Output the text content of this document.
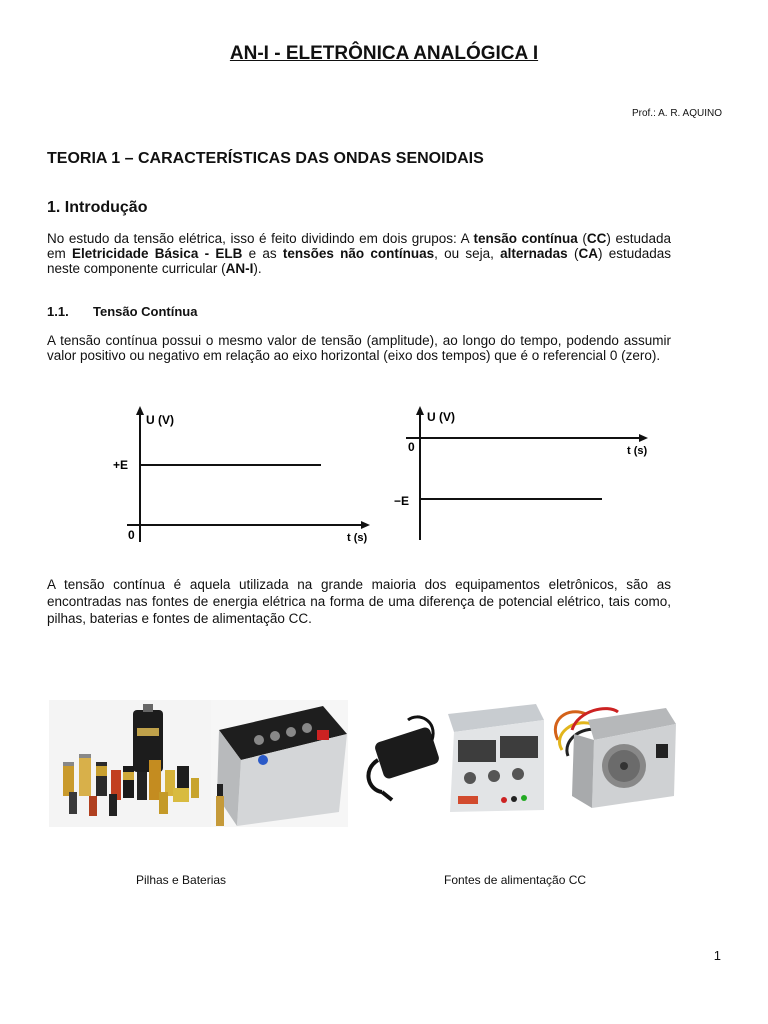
AN-I - ELETRÔNICA ANALÓGICA I
Prof.: A. R. AQUINO
TEORIA 1 – CARACTERÍSTICAS DAS ONDAS SENOIDAIS
1. Introdução
No estudo da tensão elétrica, isso é feito dividindo em dois grupos: A tensão contínua (CC) estudada em Eletricidade Básica - ELB e as tensões não contínuas, ou seja, alternadas (CA) estudadas neste componente curricular (AN-I).
1.1. Tensão Contínua
A tensão contínua possui o mesmo valor de tensão (amplitude), ao longo do tempo, podendo assumir valor positivo ou negativo em relação ao eixo horizontal (eixo dos tempos) que é o referencial 0 (zero).
U (V)
+E
0	t (s)
U (V)
0	t (s)
−E
A tensão contínua é aquela utilizada na grande maioria dos equipamentos eletrônicos, são as encontradas nas fontes de energia elétrica na forma de uma diferença de potencial elétrico, tais como, pilhas, baterias e fontes de alimentação CC.
Pilhas e Baterias	Fontes de alimentação CC
1
